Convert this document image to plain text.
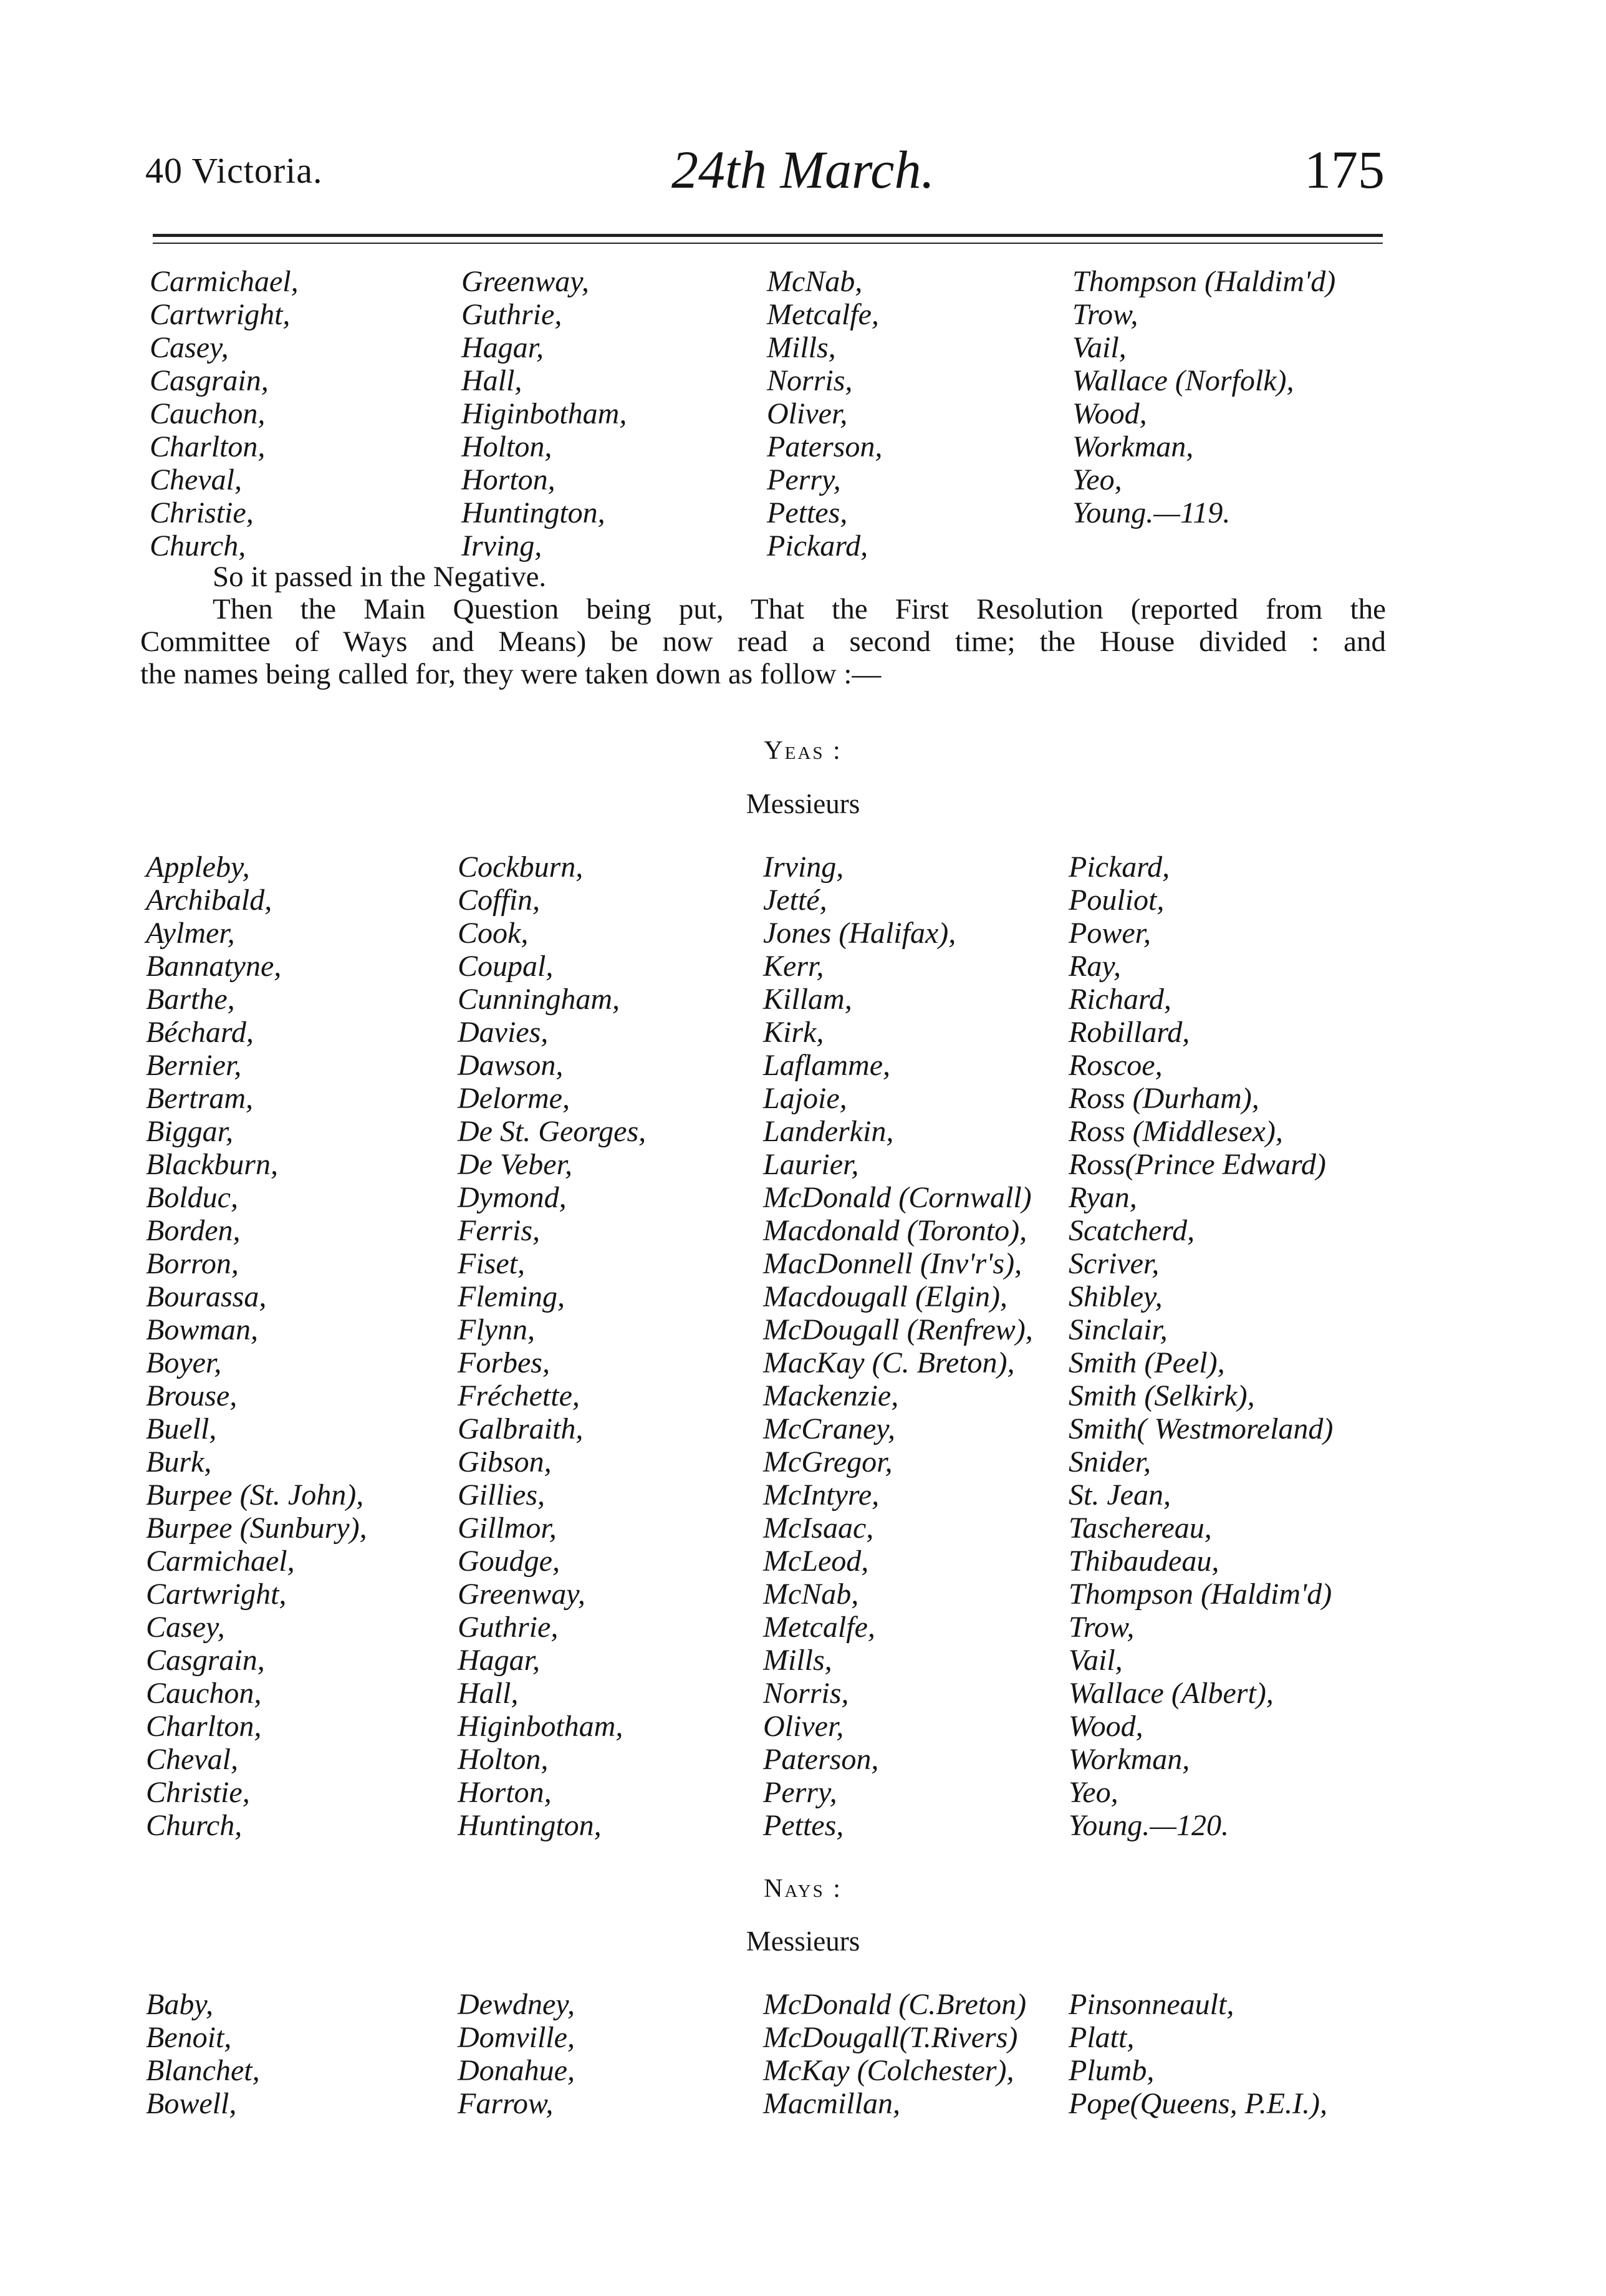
40 Victoria.	24th March.	175
Carmichael,
Cartwright,
Casey,
Casgrain,
Cauchon,
Charlton,
Cheval,
Christie,
Church,
Greenway,
Guthrie,
Hagar,
Hall,
Higinbotham,
Holton,
Horton,
Huntington,
Irving,
McNab,
Metcalfe,
Mills,
Norris,
Oliver,
Paterson,
Perry,
Pettes,
Pickard,
Thompson (Haldim'd)
Trow,
Vail,
Wallace (Norfolk),
Wood,
Workman,
Yeo,
Young.—119.
So it passed in the Negative.
Then the Main Question being put, That the First Resolution (reported from the
Committee of Ways and Means) be now read a second time; the House divided : and
the names being called for, they were taken down as follow :—
Yeas :
Messieurs
Appleby,
Archibald,
Aylmer,
Bannatyne,
Barthe,
Béchard,
Bernier,
Bertram,
Biggar,
Blackburn,
Bolduc,
Borden,
Borron,
Bourassa,
Bowman,
Boyer,
Brouse,
Buell,
Burk,
Burpee (St. John),
Burpee (Sunbury),
Carmichael,
Cartwright,
Casey,
Casgrain,
Cauchon,
Charlton,
Cheval,
Christie,
Church,
Cockburn,
Coffin,
Cook,
Coupal,
Cunningham,
Davies,
Dawson,
Delorme,
De St. Georges,
De Veber,
Dymond,
Ferris,
Fiset,
Fleming,
Flynn,
Forbes,
Fréchette,
Galbraith,
Gibson,
Gillies,
Gillmor,
Goudge,
Greenway,
Guthrie,
Hagar,
Hall,
Higinbotham,
Holton,
Horton,
Huntington,
Irving,
Jetté,
Jones (Halifax),
Kerr,
Killam,
Kirk,
Laflamme,
Lajoie,
Landerkin,
Laurier,
McDonald (Cornwall)
Macdonald (Toronto),
MacDonnell (Inv'r's),
Macdougall (Elgin),
McDougall (Renfrew),
MacKay (C. Breton),
Mackenzie,
McCraney,
McGregor,
McIntyre,
McIsaac,
McLeod,
McNab,
Metcalfe,
Mills,
Norris,
Oliver,
Paterson,
Perry,
Pettes,
Pickard,
Pouliot,
Power,
Ray,
Richard,
Robillard,
Roscoe,
Ross (Durham),
Ross (Middlesex),
Ross(Prince Edward)
Ryan,
Scatcherd,
Scriver,
Shibley,
Sinclair,
Smith (Peel),
Smith (Selkirk),
Smith( Westmoreland)
Snider,
St. Jean,
Taschereau,
Thibaudeau,
Thompson (Haldim'd)
Trow,
Vail,
Wallace (Albert),
Wood,
Workman,
Yeo,
Young.—120.
Nays :
Messieurs
Baby,
Benoit,
Blanchet,
Bowell,
Dewdney,
Domville,
Donahue,
Farrow,
McDonald (C.Breton)
McDougall(T.Rivers)
McKay (Colchester),
Macmillan,
Pinsonneault,
Platt,
Plumb,
Pope(Queens, P.E.I.),
